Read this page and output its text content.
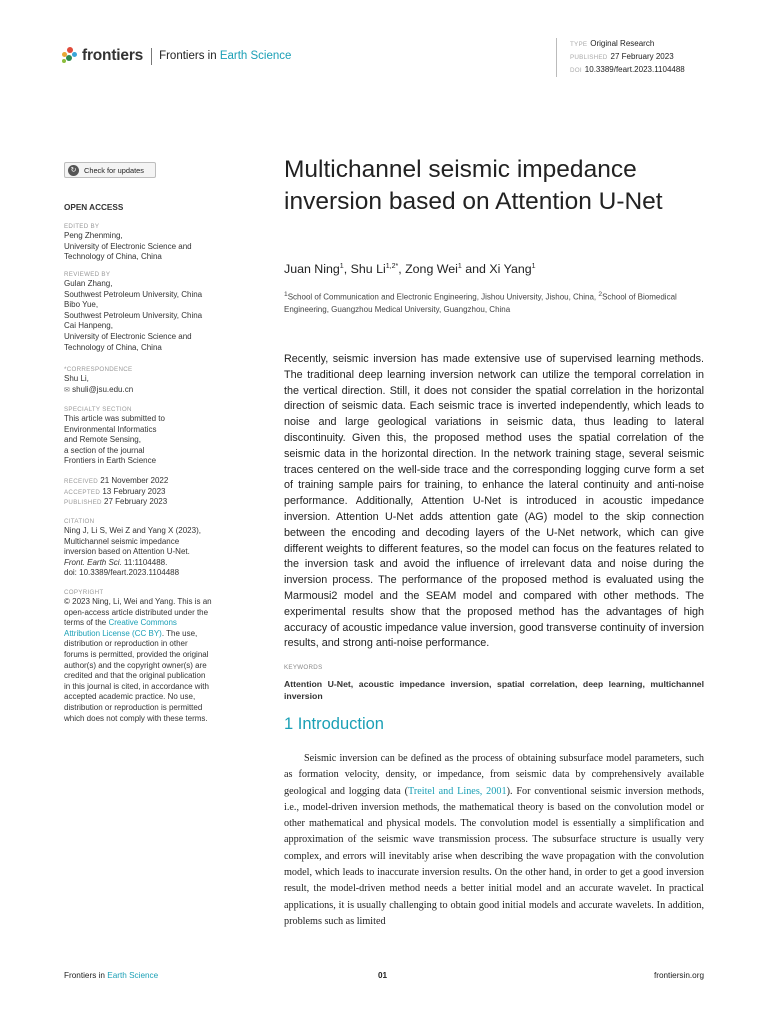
frontiers Frontiers in Earth Science
TYPE Original Research
PUBLISHED 27 February 2023
DOI 10.3389/feart.2023.1104488
↻	Check for updates
OPEN ACCESS
EDITED BY
Peng Zhenming,
University of Electronic Science and
Technology of China, China
REVIEWED BY
Gulan Zhang,
Southwest Petroleum University, China
Bibo Yue,
Southwest Petroleum University, China
Cai Hanpeng,
University of Electronic Science and
Technology of China, China
*CORRESPONDENCE
Shu Li,
✉ shuli@jsu.edu.cn
SPECIALTY SECTION
This article was submitted to
Environmental Informatics
and Remote Sensing,
a section of the journal
Frontiers in Earth Science
RECEIVED 21 November 2022
ACCEPTED 13 February 2023
PUBLISHED 27 February 2023
CITATION
Ning J, Li S, Wei Z and Yang X (2023),
Multichannel seismic impedance
inversion based on Attention U-Net.
Front. Earth Sci. 11:1104488.
doi: 10.3389/feart.2023.1104488
COPYRIGHT
© 2023 Ning, Li, Wei and Yang. This is an
open-access article distributed under the
terms of the Creative Commons
Attribution License (CC BY). The use,
distribution or reproduction in other
forums is permitted, provided the original
author(s) and the copyright owner(s) are
credited and that the original publication
in this journal is cited, in accordance with
accepted academic practice. No use,
distribution or reproduction is permitted
which does not comply with these terms.
Multichannel seismic impedance inversion based on Attention U-Net
Juan Ning$^1$, Shu $Li^{1,2*}$, Zong Wei$^1$ and Xi Yang$^1$
$^1$School of Communication and Electronic Engineering, Jishou University, Jishou, China, $^2$School of Biomedical Engineering, Guangzhou Medical University, Guangzhou, China
Recently, seismic inversion has made extensive use of supervised learning methods. The traditional deep learning inversion network can utilize the temporal correlation in the vertical direction. Still, it does not consider the spatial correlation in the horizontal direction of seismic data. Each seismic trace is inverted independently, which leads to noise and large geological variations in seismic data, thus leading to lateral discontinuity. Given this, the proposed method uses the spatial correlation of the seismic data in the horizontal direction. In the network training stage, several seismic traces centered on the well-side trace and the corresponding logging curve form a set of training sample pairs for training, to enhance the lateral continuity and anti-noise performance. Additionally, Attention U-Net is introduced in acoustic impedance inversion. Attention U-Net adds attention gate (AG) model to the skip connection between the encoding and decoding layers of the U-Net network, which can give different weights to different features, so the model can focus on the features related to the inversion task and avoid the influence of irrelevant data and noise during the inversion process. The performance of the proposed method is evaluated using the Marmousi2 model and the SEAM model and compared with other methods. The experimental results show that the proposed method has the advantages of high accuracy of acoustic impedance value inversion, good transverse continuity of inversion results, and strong anti-noise performance.
KEYWORDS
Attention U-Net, acoustic impedance inversion, spatial correlation, deep learning, multichannel inversion
1 Introduction
Seismic inversion can be defined as the process of obtaining subsurface model parameters, such as formation velocity, density, or impedance, from seismic data by comprehensively available geological and logging data (Treitel and Lines, 2001). For conventional seismic inversion methods, i.e., model-driven inversion methods, the mathematical theory is based on the convolution model or other mathematical and physical models. The convolution model is essentially a simplification and approximation of the seismic wave transmission process. The subsurface structure is usually very complex, and errors will inevitably arise when describing the wave propagation with the convolution model, which leads to inaccurate inversion results. On the other hand, in order to get a good inversion result, the model-driven method needs a better initial model and an accurate wavelet. In practical applications, it is usually challenging to obtain good initial models and accurate wavelets. In addition, problems such as limited
Frontiers in Earth Science	01	frontiersin.org
